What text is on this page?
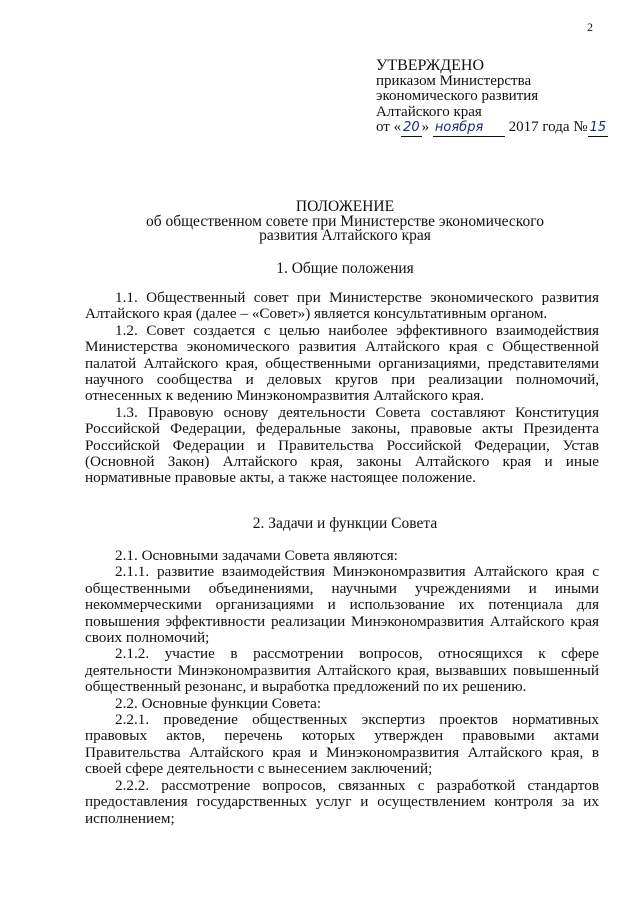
2
УТВЕРЖДЕНО
приказом Министерства
экономического развития
Алтайского края
от « 20 » ноября 2017 года № 15
ПОЛОЖЕНИЕ
об общественном совете при Министерстве экономического
развития Алтайского края
1. Общие положения

1.1. Общественный совет при Министерстве экономического развития Алтайского края (далее – «Совет») является консультативным органом.

1.2. Совет создается с целью наиболее эффективного взаимодействия Министерства экономического развития Алтайского края с Общественной палатой Алтайского края, общественными организациями, представителями научного сообщества и деловых кругов при реализации полномочий, отнесенных к ведению Минэкономразвития Алтайского края.

1.3. Правовую основу деятельности Совета составляют Конституция Российской Федерации, федеральные законы, правовые акты Президента Российской Федерации и Правительства Российской Федерации, Устав (Основной Закон) Алтайского края, законы Алтайского края и иные нормативные правовые акты, а также настоящее положение.

2. Задачи и функции Совета

2.1. Основными задачами Совета являются:

2.1.1. развитие взаимодействия Минэкономразвития Алтайского края с общественными объединениями, научными учреждениями и иными некоммерческими организациями и использование их потенциала для повышения эффективности реализации Минэкономразвития Алтайского края своих полномочий;

2.1.2. участие в рассмотрении вопросов, относящихся к сфере деятельности Минэкономразвития Алтайского края, вызвавших повышенный общественный резонанс, и выработка предложений по их решению.

2.2. Основные функции Совета:

2.2.1. проведение общественных экспертиз проектов нормативных правовых актов, перечень которых утвержден правовыми актами Правительства Алтайского края и Минэкономразвития Алтайского края, в своей сфере деятельности с вынесением заключений;

2.2.2. рассмотрение вопросов, связанных с разработкой стандартов предоставления государственных услуг и осуществлением контроля за их исполнением;
